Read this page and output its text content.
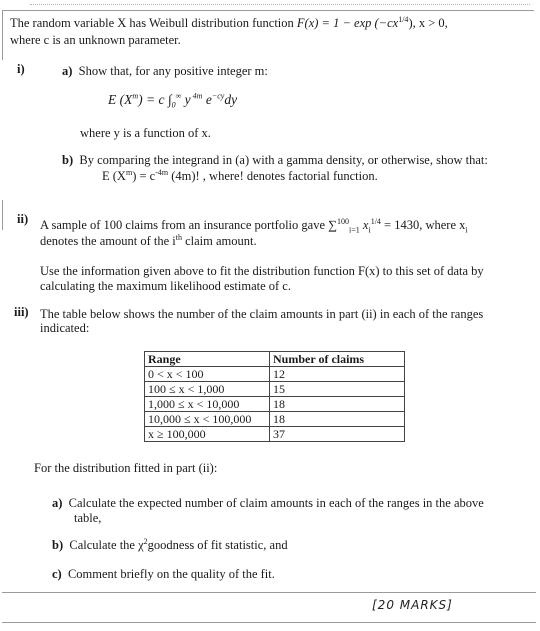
The random variable X has Weibull distribution function $F(x) = 1 - \exp (-cx^{1/4})$, x > 0,
where c is an unknown parameter.
i)	a) Show that, for any positive integer m:
E $(X^m) = c$ $\int_0^\infty$ y $^{4m}$ $e^{-cy}dy$
where y is a function of x.
b) By comparing the integrand in (a) with a gamma density, or otherwise, show that:
E $(X^m) = c^{-4m}$ (4m)! , where! denotes factorial function.
ii) A sample of 100 claims from an insurance portfolio gave ∑$^{100}_{i=1}$ $x_i^{1/4} = 1430$, where $x_i$
denotes the amount of the $i^{th}$ claim amount.
Use the information given above to fit the distribution function F(x) to this set of data by
calculating the maximum likelihood estimate of c.
iii) The table below shows the number of the claim amounts in part (ii) in each of the ranges
indicated:
Range	Number of claims
0 < x < 100	12
100 ≤ x < 1,000	15
1,000 ≤ x < 10,000	18
10,000 ≤ x < 100,000	18
x ≥ 100,000	37
For the distribution fitted in part (ii):
a) Calculate the expected number of claim amounts in each of the ranges in the above
table,
b) Calculate the $\chi^2goodness$ of fit statistic, and
c) Comment briefly on the quality of the fit.
[20 MARKS]
